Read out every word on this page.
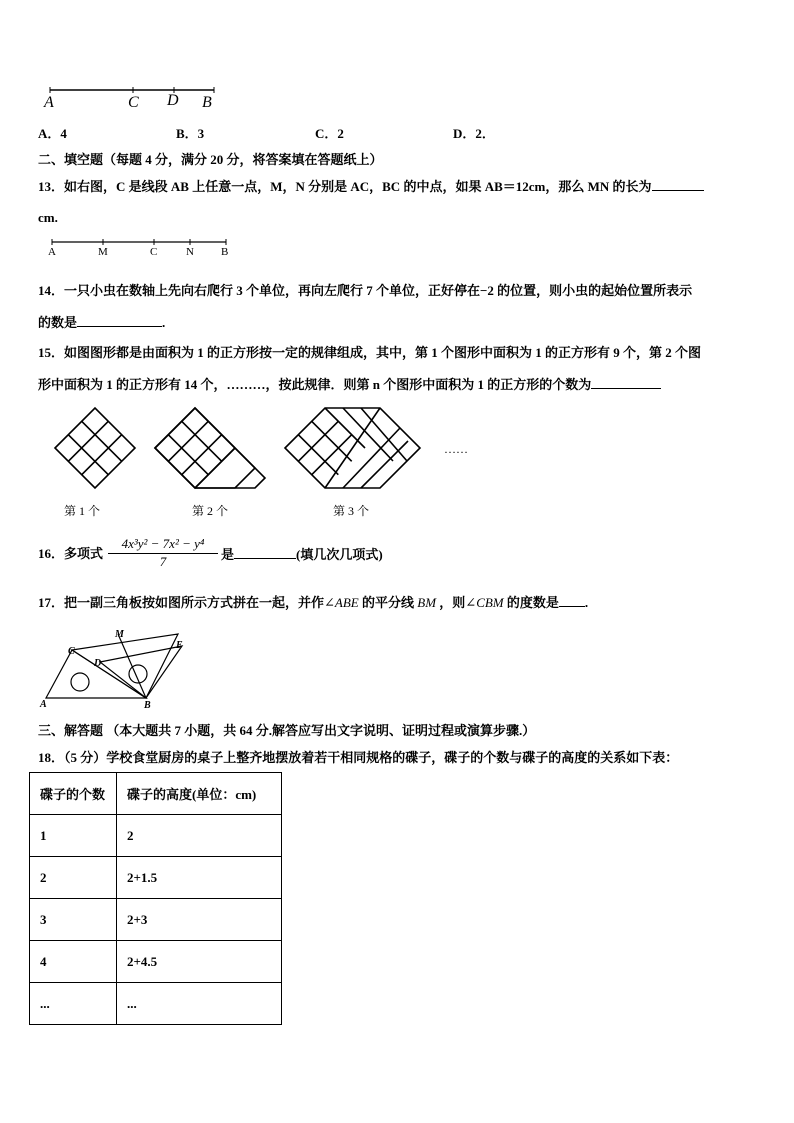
A	C D B
A．4	B．3	C．2	D．2．
二、填空题（每题 4 分，满分 20 分，将答案填在答题纸上）
13．如右图，C 是线段 AB 上任意一点，M，N 分别是 AC，BC 的中点，如果 AB＝12cm，那么 MN 的长为
cm.
A	M	C	N B
14．一只小虫在数轴上先向右爬行 3 个单位，再向左爬行 7 个单位，正好停在−2 的位置，则小虫的起始位置所表示
的数是	.
15．如图图形都是由面积为 1 的正方形按一定的规律组成，其中，第 1 个图形中面积为 1 的正方形有 9 个，第 2 个图
形中面积为 1 的正方形有 14 个，………，按此规律．则第 n 个图形中面积为 1 的正方形的个数为
……
第 1 个	第 2 个	第 3 个
16．多项式
4x³y² − 7x² − y⁴
7	是	(填几次几项式)
17．把一副三角板按如图所示方式拼在一起，并作∠ABE 的平分线 BM ，则∠CBM 的度数是 .
M
C
D
E
A	B
三、解答题 （本大题共 7 小题，共 64 分.解答应写出文字说明、证明过程或演算步骤.）
18．（5 分）学校食堂厨房的桌子上整齐地摆放着若干相同规格的碟子，碟子的个数与碟子的高度的关系如下表：
碟子的个数	碟子的高度(单位：cm)
1	2
2	2+1.5
3	2+3
4	2+4.5
...	...
